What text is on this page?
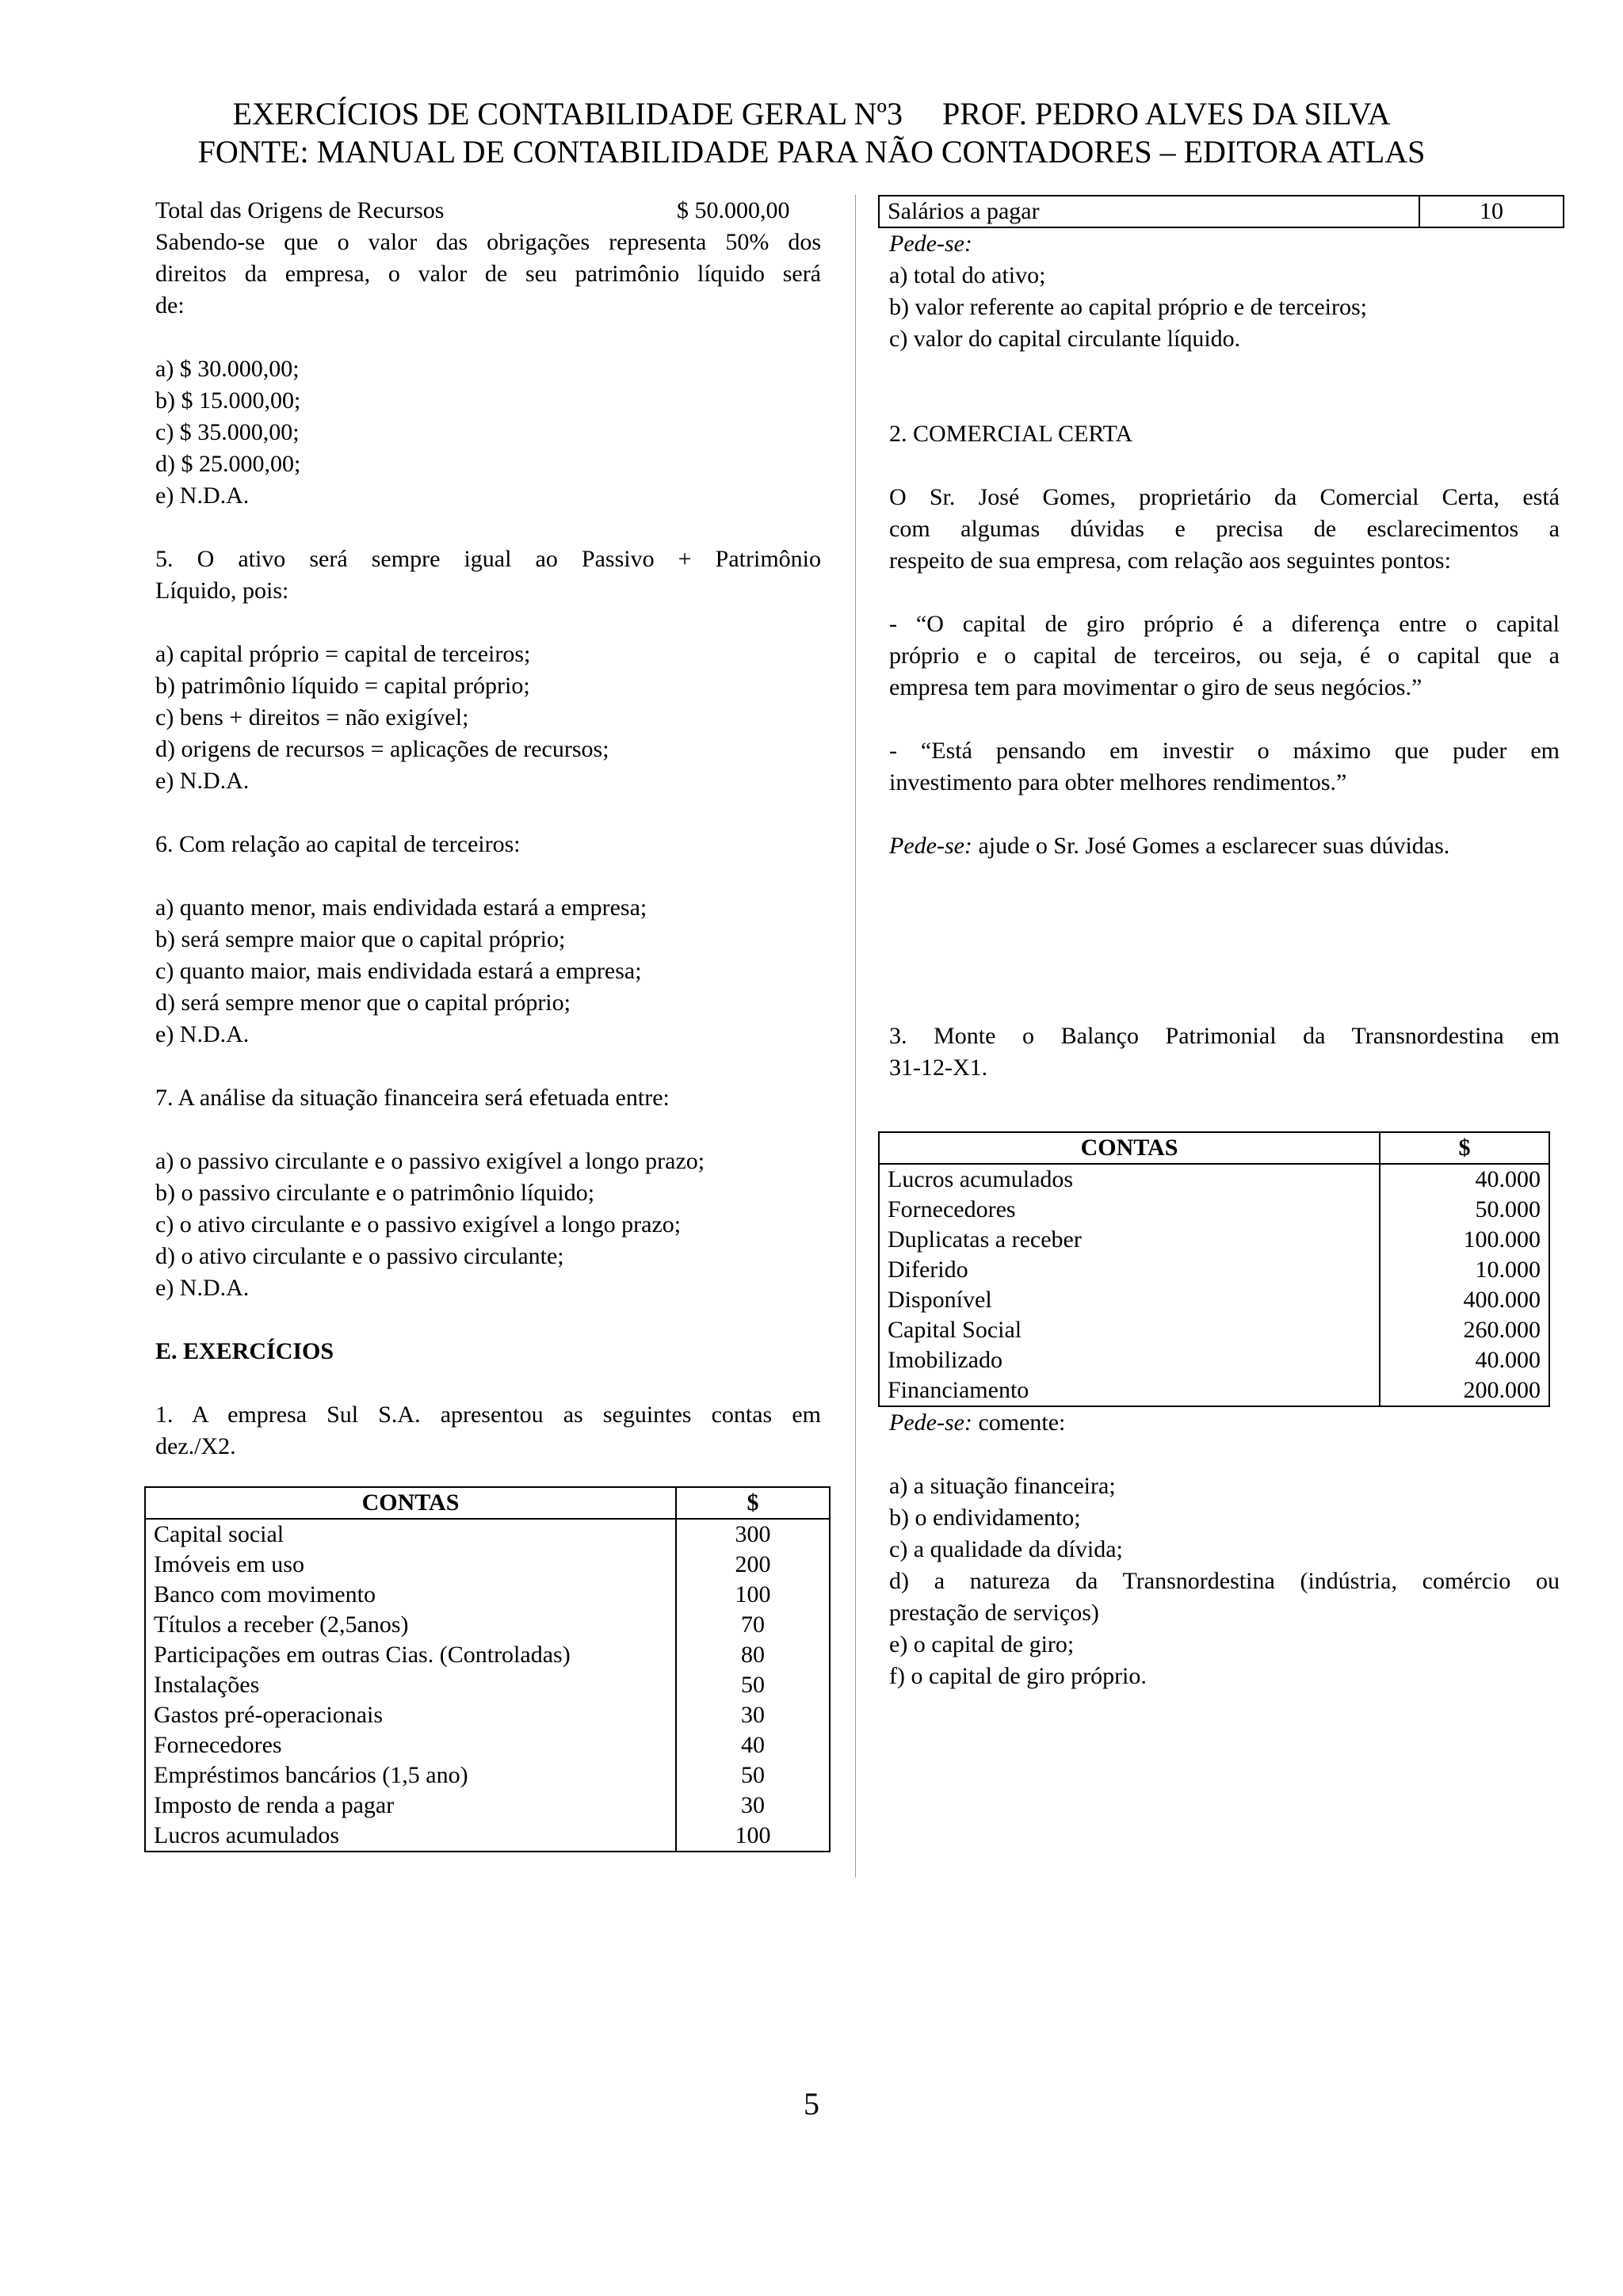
EXERCÍCIOS DE CONTABILIDADE GERAL Nº3     PROF. PEDRO ALVES DA SILVA
FONTE: MANUAL DE CONTABILIDADE PARA NÃO CONTADORES – EDITORA ATLAS
Total das Origens de Recursos	$ 50.000,00

Sabendo-se que o valor das obrigações representa 50% dos

direitos da empresa, o valor de seu patrimônio líquido será

de:

a) $ 30.000,00;

b) $ 15.000,00;

c) $ 35.000,00;

d) $ 25.000,00;

e) N.D.A.

5. O ativo será sempre igual ao Passivo + Patrimônio

Líquido, pois:

a) capital próprio = capital de terceiros;

b) patrimônio líquido = capital próprio;

c) bens + direitos = não exigível;

d) origens de recursos = aplicações de recursos;

e) N.D.A.

6. Com relação ao capital de terceiros:

a) quanto menor, mais endividada estará a empresa;

b) será sempre maior que o capital próprio;

c) quanto maior, mais endividada estará a empresa;

d) será sempre menor que o capital próprio;

e) N.D.A.

7. A análise da situação financeira será efetuada entre:

a) o passivo circulante e o passivo exigível a longo prazo;

b) o passivo circulante e o patrimônio líquido;

c) o ativo circulante e o passivo exigível a longo prazo;

d) o ativo circulante e o passivo circulante;

e) N.D.A.

E. EXERCÍCIOS

1. A empresa Sul S.A. apresentou as seguintes contas em

dez./X2.

CONTAS	$
Capital social	300
Imóveis em uso	200
Banco com movimento	100
Títulos a receber (2,5anos)	70
Participações em outras Cias. (Controladas)	80
Instalações	50
Gastos pré-operacionais	30
Fornecedores	40
Empréstimos bancários (1,5 ano)	50
Imposto de renda a pagar	30
Lucros acumulados	100

Salários a pagar	10

Pede-se:

a) total do ativo;

b) valor referente ao capital próprio e de terceiros;

c) valor do capital circulante líquido.

2. COMERCIAL CERTA

O Sr. José Gomes, proprietário da Comercial Certa, está

com algumas dúvidas e precisa de esclarecimentos a

respeito de sua empresa, com relação aos seguintes pontos:

- “O capital de giro próprio é a diferença entre o capital

próprio e o capital de terceiros, ou seja, é o capital que a

empresa tem para movimentar o giro de seus negócios.”

- “Está pensando em investir o máximo que puder em

investimento para obter melhores rendimentos.”

Pede-se: ajude o Sr. José Gomes a esclarecer suas dúvidas.

3. Monte o Balanço Patrimonial da Transnordestina em

31-12-X1.

CONTAS	$
Lucros acumulados	40.000
Fornecedores	50.000
Duplicatas a receber	100.000
Diferido	10.000
Disponível	400.000
Capital Social	260.000
Imobilizado	40.000
Financiamento	200.000

Pede-se: comente:

a) a situação financeira;

b) o endividamento;

c) a qualidade da dívida;

d) a natureza da Transnordestina (indústria, comércio ou

prestação de serviços)

e) o capital de giro;

f) o capital de giro próprio.

5
